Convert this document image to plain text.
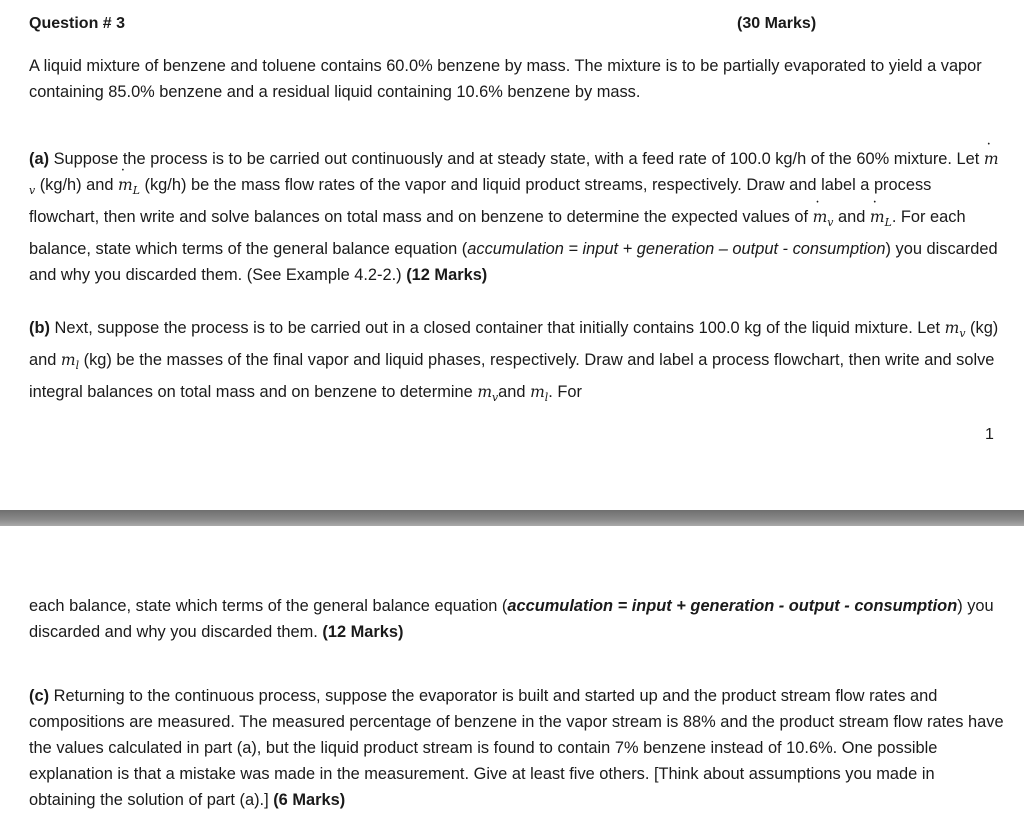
Question # 3	(30 Marks)

A liquid mixture of benzene and toluene contains 60.0% benzene by mass. The mixture is to be partially evaporated to yield a vapor containing 85.0% benzene and a residual liquid containing 10.6% benzene by mass.

(a) Suppose the process is to be carried out continuously and at steady state, with a feed rate of 100.0 kg/h of the 60% mixture. Let ˙ $m_v$ (kg/h) and ˙ $m_L$ (kg/h) be the mass flow rates of the vapor and liquid product streams, respectively. Draw and label a process flowchart, then write and solve balances on total mass and on benzene to determine the expected values of ˙ $m_v$ and ˙ $m_L$. For each balance, state which terms of the general balance equation (accumulation = input + generation – output - consumption) you discarded and why you discarded them. (See Example 4.2-2.) (12 Marks)

(b) Next, suppose the process is to be carried out in a closed container that initially contains 100.0 kg of the liquid mixture. Let $m_v$ (kg) and $m_l$ (kg) be the masses of the final vapor and liquid phases, respectively. Draw and label a process flowchart, then write and solve integral balances on total mass and on benzene to determine $m_vand$ $m_l$. For

1

each balance, state which terms of the general balance equation (accumulation = input + generation - output - consumption) you discarded and why you discarded them. (12 Marks)

(c) Returning to the continuous process, suppose the evaporator is built and started up and the product stream flow rates and compositions are measured. The measured percentage of benzene in the vapor stream is 88% and the product stream flow rates have the values calculated in part (a), but the liquid product stream is found to contain 7% benzene instead of 10.6%. One possible explanation is that a mistake was made in the measurement. Give at least five others. [Think about assumptions you made in obtaining the solution of part (a).] (6 Marks)
